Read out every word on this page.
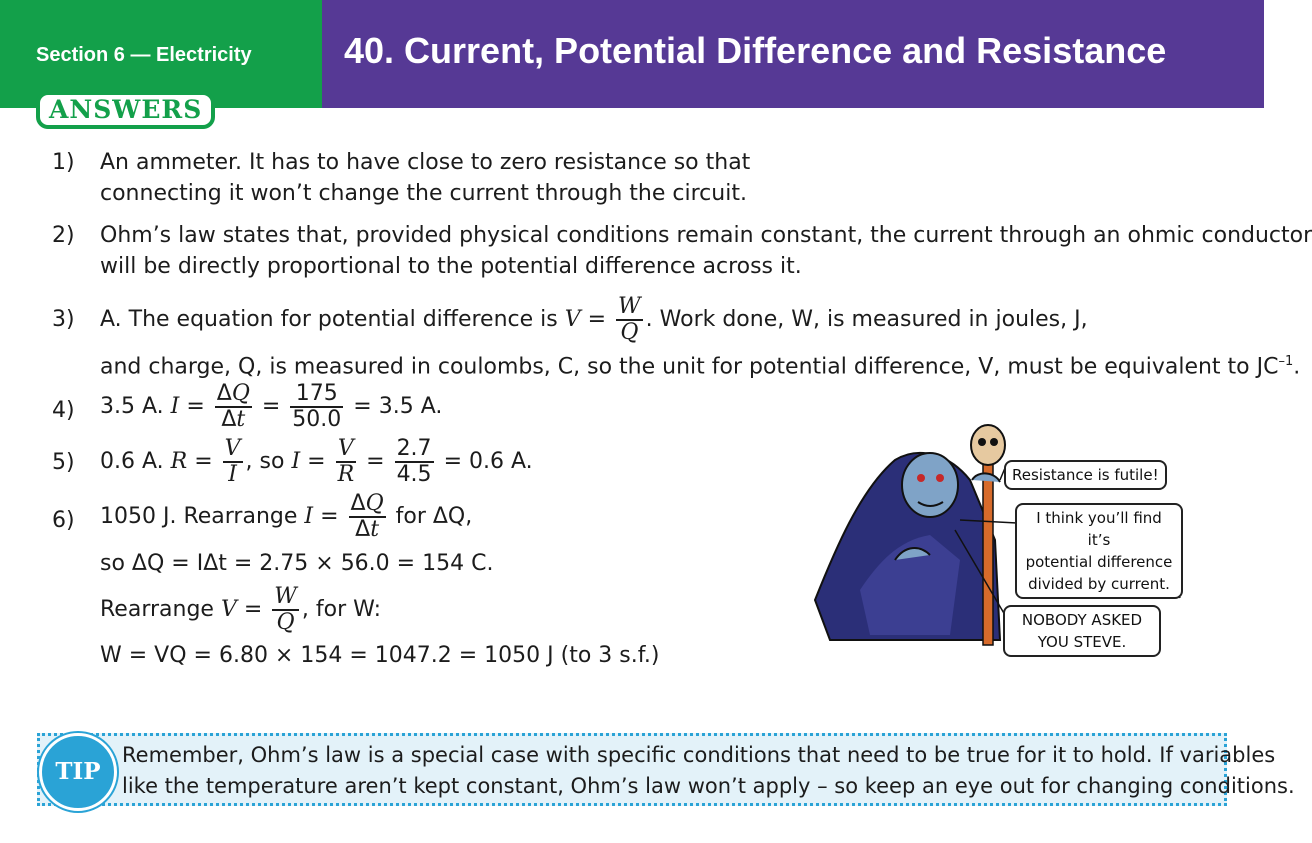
Section 6 — Electricity	40. Current, Potential Difference and Resistance
ANSWERS
1) An ammeter. It has to have close to zero resistance so that
connecting it won’t change the current through the circuit.
2) Ohm’s law states that, provided physical conditions remain constant, the current through an ohmic conductor
will be directly proportional to the potential difference across it.
3) A. The equation for potential difference is $V = \frac{W}{Q}$ . Work done, W, is measured in joules, J,
and charge, Q, is measured in coulombs, C, so the unit for potential difference, V, must be equivalent to $JC^{-1}$.
4) 3.5 A. $I = \frac{\Delta Q}{\Delta t} = \frac{175}{50.0} = 3.5$ A.
5) 0.6 A. $R = \frac{V}{I}$ , so $I = \frac{V}{R} = \frac{2.7}{4.5} = 0.6$ A.
6) 1050 J. Rearrange $I = \frac{\Delta Q}{\Delta t}$ for ΔQ,
so ΔQ = IΔt = 2.75 × 56.0 = 154 C.
Rearrange $V = \frac{W}{Q}$ , for W:
W = VQ = 6.80 × 154 = 1047.2 = 1050 J (to 3 s.f.)
Resistance is futile!
I think you’ll find it’s
potential difference
divided by current.
NOBODY ASKED
YOU STEVE.
TIP
Remember, Ohm’s law is a special case with specific conditions that need to be true for it to hold. If variables
like the temperature aren’t kept constant, Ohm’s law won’t apply – so keep an eye out for changing conditions.
